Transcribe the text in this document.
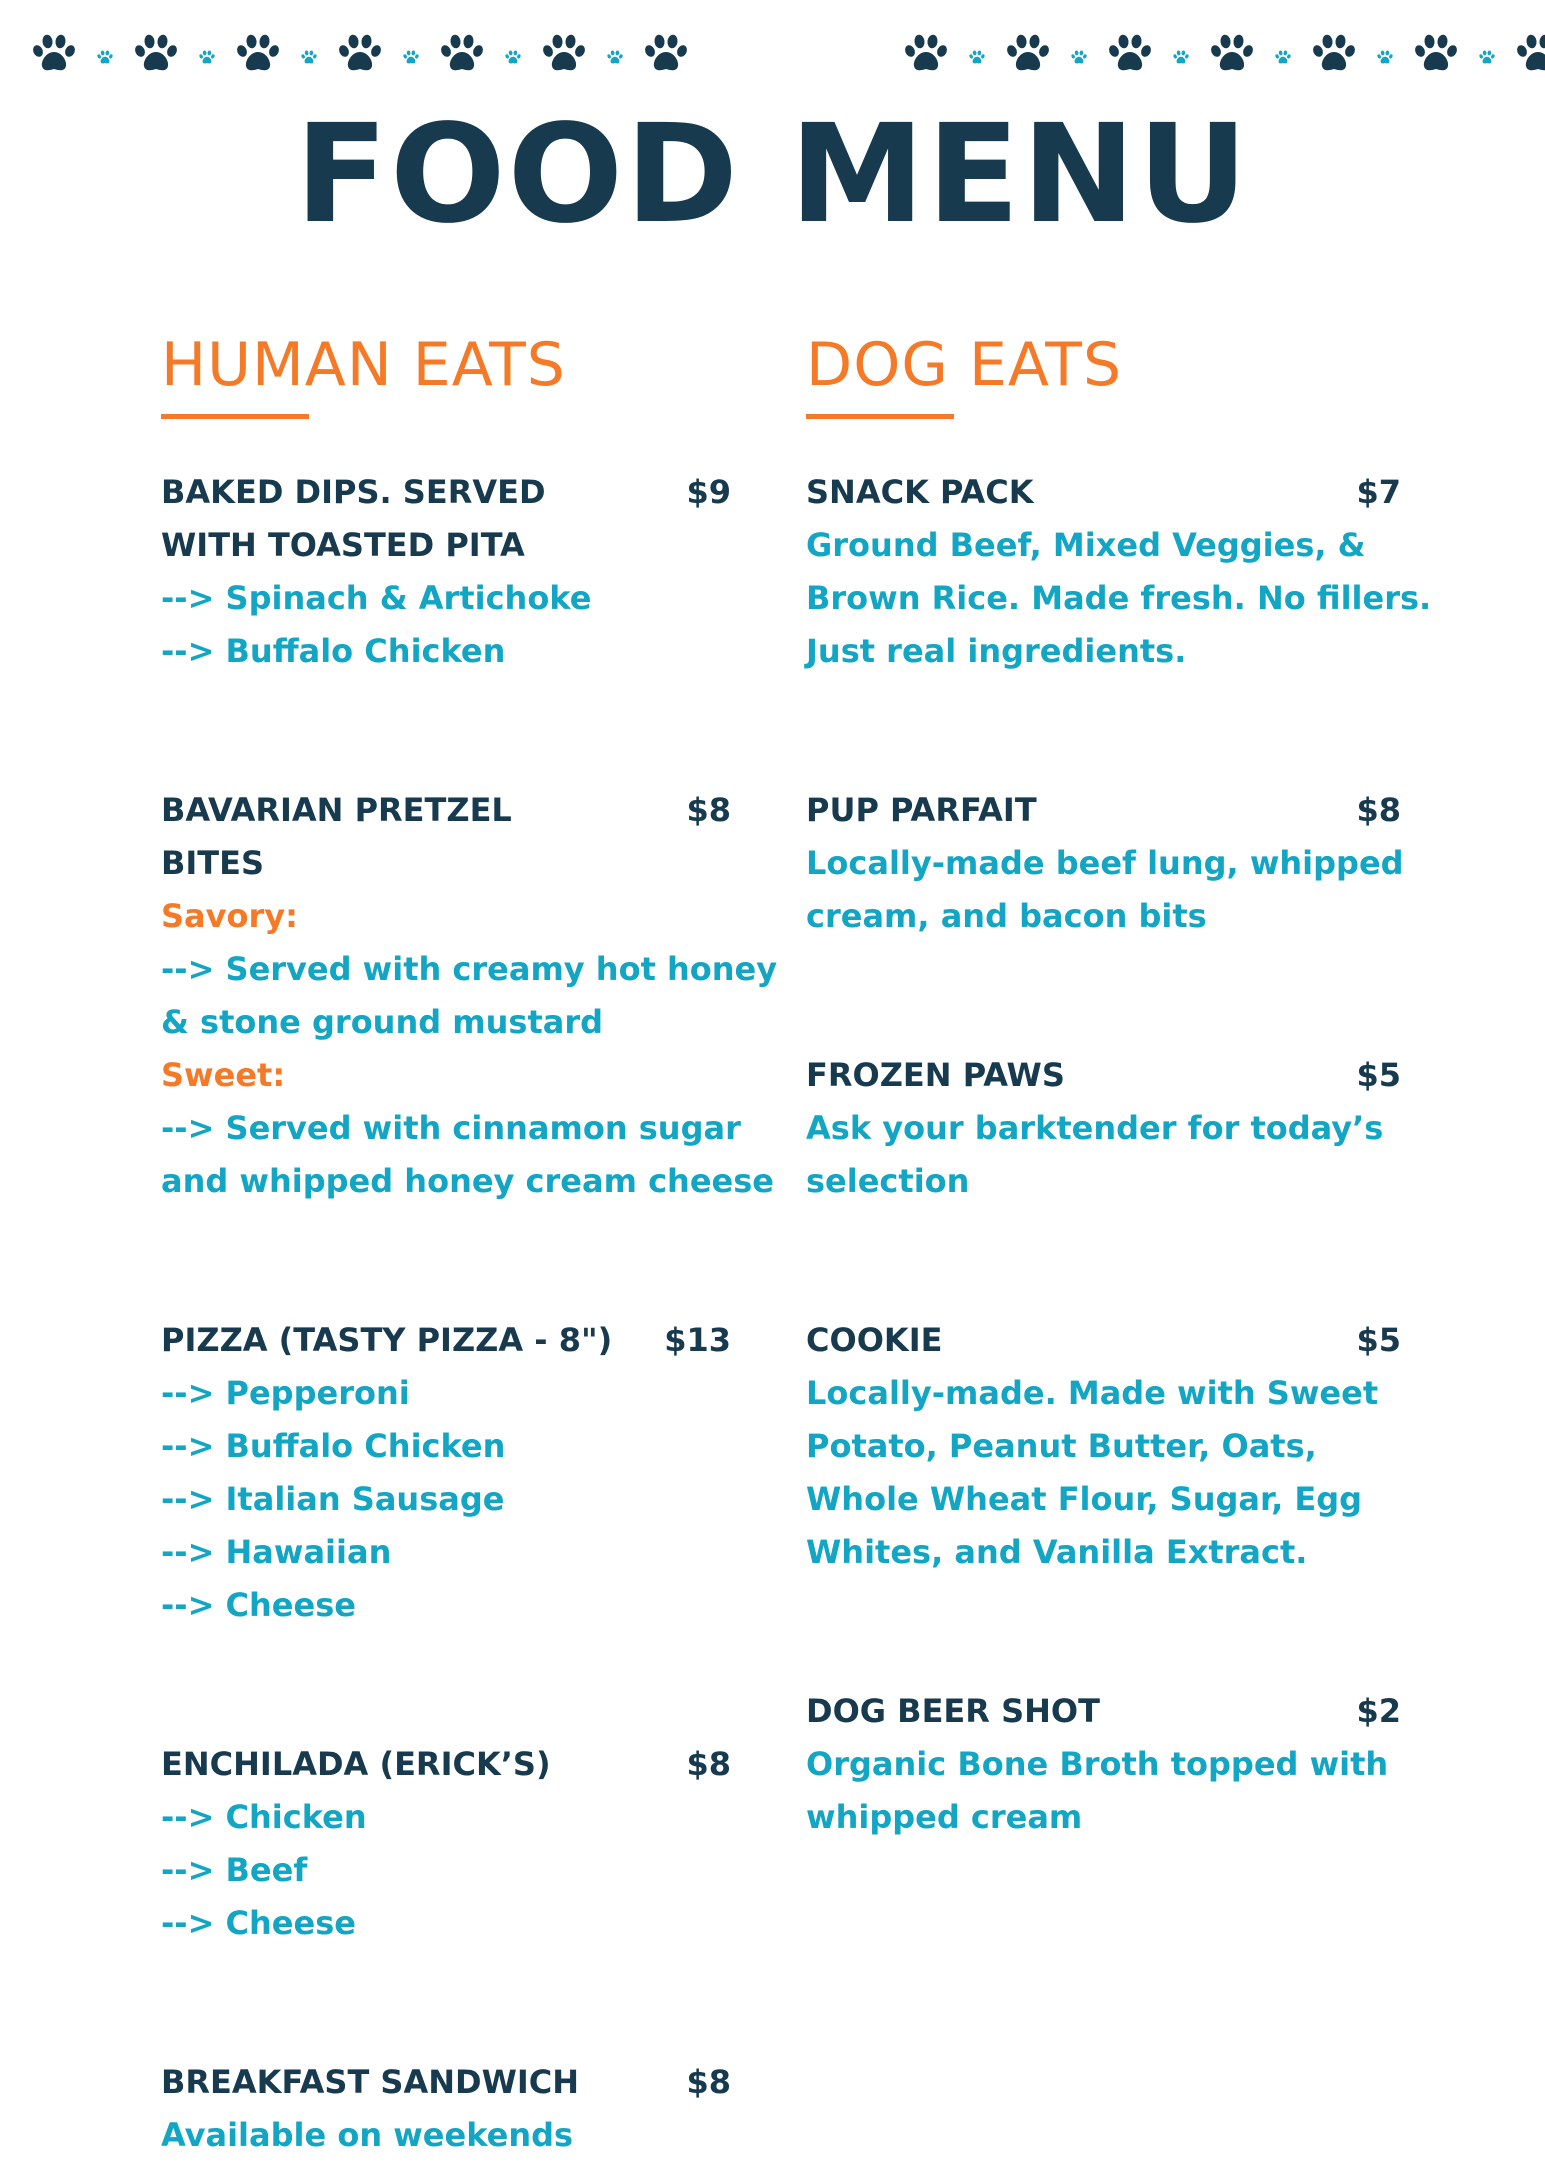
FOOD MENU
HUMAN EATS	DOG EATS
BAKED DIPS. SERVED WITH TOASTED PITA
$9
--> Spinach & Artichoke
--> Buffalo Chicken
BAVARIAN PRETZEL BITES
$8
Savory:
--> Served with creamy hot honey
& stone ground mustard
Sweet:
--> Served with cinnamon sugar
and whipped honey cream cheese
PIZZA (TASTY PIZZA - 8")	$13
--> Pepperoni
--> Buffalo Chicken
--> Italian Sausage
--> Hawaiian
--> Cheese
ENCHILADA (ERICK’S)	$8
--> Chicken
--> Beef
--> Cheese
BREAKFAST SANDWICH	$8
Available on weekends
SNACK PACK	$7
Ground Beef, Mixed Veggies, &
Brown Rice. Made fresh. No fillers.
Just real ingredients.
PUP PARFAIT	$8
Locally-made beef lung, whipped
cream, and bacon bits
FROZEN PAWS	$5
Ask your barktender for today’s
selection
COOKIE	$5
Locally-made. Made with Sweet
Potato, Peanut Butter, Oats,
Whole Wheat Flour, Sugar, Egg
Whites, and Vanilla Extract.
DOG BEER SHOT	$2
Organic Bone Broth topped with
whipped cream
